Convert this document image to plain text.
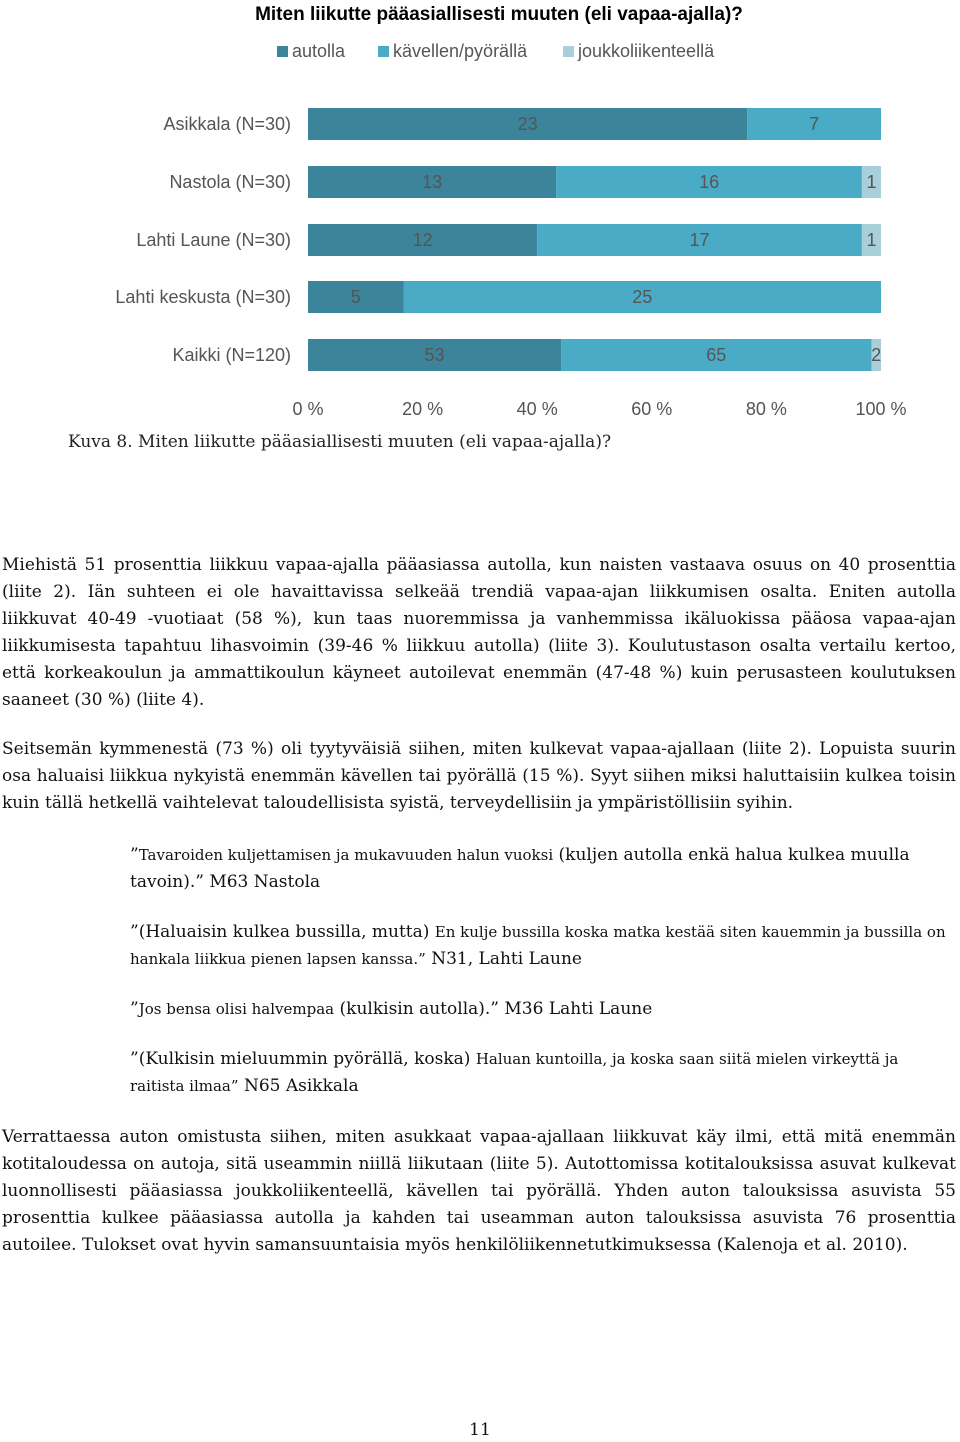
Miten liikutte pääasiallisesti muuten (eli vapaa-ajalla)?
autolla	kävellen/pyörällä	joukkoliikenteellä
Asikkala (N=30)
Nastola (N=30)
Lahti Laune (N=30)
Lahti keskusta (N=30)
Kaikki (N=120)
23	7
13	16	1
12	17	1
5	25
53	65	2
0 %	20 %	40 %	60 %	80 %	100 %
Kuva 8. Miten liikutte pääasiallisesti muuten (eli vapaa-ajalla)?

Miehistä 51 prosenttia liikkuu vapaa-ajalla pääasiassa autolla, kun naisten vastaava osuus on 40 prosenttia (liite 2). Iän suhteen ei ole havaittavissa selkeää trendiä vapaa-ajan liikkumisen osalta. Eniten autolla liikkuvat 40-49 -vuotiaat (58 %), kun taas nuoremmissa ja vanhemmissa ikäluokissa pääosa vapaa-ajan liikkumisesta tapahtuu lihasvoimin (39-46 % liikkuu autolla) (liite 3). Koulutustason osalta vertailu kertoo, että korkeakoulun ja ammattikoulun käyneet autoilevat enemmän (47-48 %) kuin perusasteen koulutuksen saaneet (30 %) (liite 4).

Seitsemän kymmenestä (73 %) oli tyytyväisiä siihen, miten kulkevat vapaa-ajallaan (liite 2). Lopuista suurin osa haluaisi liikkua nykyistä enemmän kävellen tai pyörällä (15 %). Syyt siihen miksi haluttaisiin kulkea toisin kuin tällä hetkellä vaihtelevat taloudellisista syistä, terveydellisiin ja ympäristöllisiin syihin.

”Tavaroiden kuljettamisen ja mukavuuden halun vuoksi (kuljen autolla enkä halua kulkea muulla tavoin).” M63 Nastola

”(Haluaisin kulkea bussilla, mutta) En kulje bussilla koska matka kestää siten kauemmin ja bussilla on hankala liikkua pienen lapsen kanssa.” N31, Lahti Laune

”Jos bensa olisi halvempaa (kulkisin autolla).” M36 Lahti Laune

”(Kulkisin mieluummin pyörällä, koska) Haluan kuntoilla, ja koska saan siitä mielen virkeyttä ja raitista ilmaa” N65 Asikkala

Verrattaessa auton omistusta siihen, miten asukkaat vapaa-ajallaan liikkuvat käy ilmi, että mitä enemmän kotitaloudessa on autoja, sitä useammin niillä liikutaan (liite 5). Autottomissa kotitalouksissa asuvat kulkevat luonnollisesti pääasiassa joukkoliikenteellä, kävellen tai pyörällä. Yhden auton talouksissa asuvista 55 prosenttia kulkee pääasiassa autolla ja kahden tai useamman auton talouksissa asuvista 76 prosenttia autoilee. Tulokset ovat hyvin samansuuntaisia myös henkilöliikennetutkimuksessa (Kalenoja et al. 2010).

11
